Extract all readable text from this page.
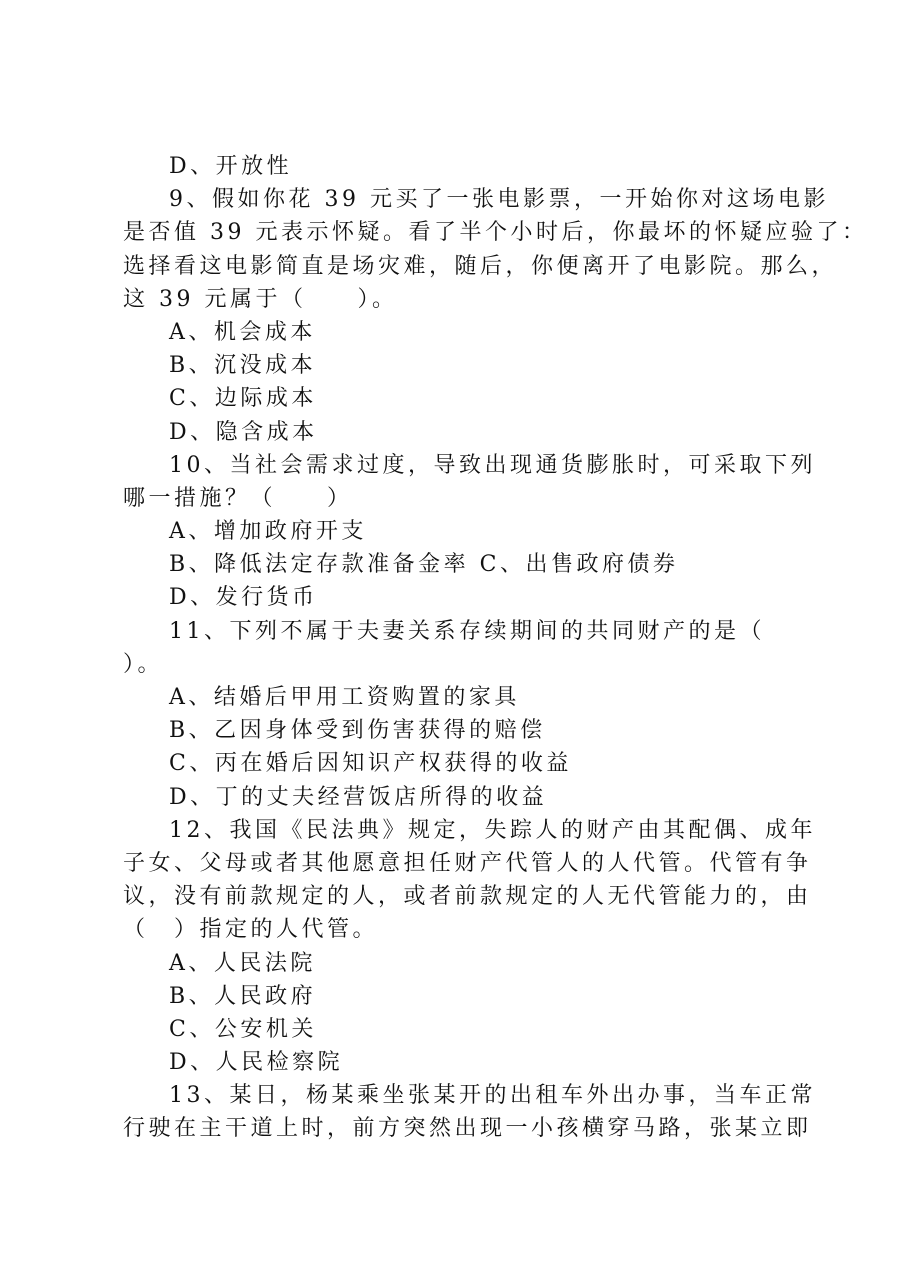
D、开放性
9、假如你花 39 元买了一张电影票，一开始你对这场电影
是否值 39 元表示怀疑。看了半个小时后，你最坏的怀疑应验了：
选择看这电影简直是场灾难，随后，你便离开了电影院。那么，
这 39 元属于（　　）。
A、机会成本
B、沉没成本
C、边际成本
D、隐含成本
10、当社会需求过度，导致出现通货膨胀时，可采取下列
哪一措施？（　　）
A、增加政府开支
B、降低法定存款准备金率 C、出售政府债券
D、发行货币
11、下列不属于夫妻关系存续期间的共同财产的是（
）。
A、结婚后甲用工资购置的家具
B、乙因身体受到伤害获得的赔偿
C、丙在婚后因知识产权获得的收益
D、丁的丈夫经营饭店所得的收益
12、我国《民法典》规定，失踪人的财产由其配偶、成年
子女、父母或者其他愿意担任财产代管人的人代管。代管有争
议，没有前款规定的人，或者前款规定的人无代管能力的，由
（　）指定的人代管。
A、人民法院
B、人民政府
C、公安机关
D、人民检察院
13、某日，杨某乘坐张某开的出租车外出办事，当车正常
行驶在主干道上时，前方突然出现一小孩横穿马路，张某立即
